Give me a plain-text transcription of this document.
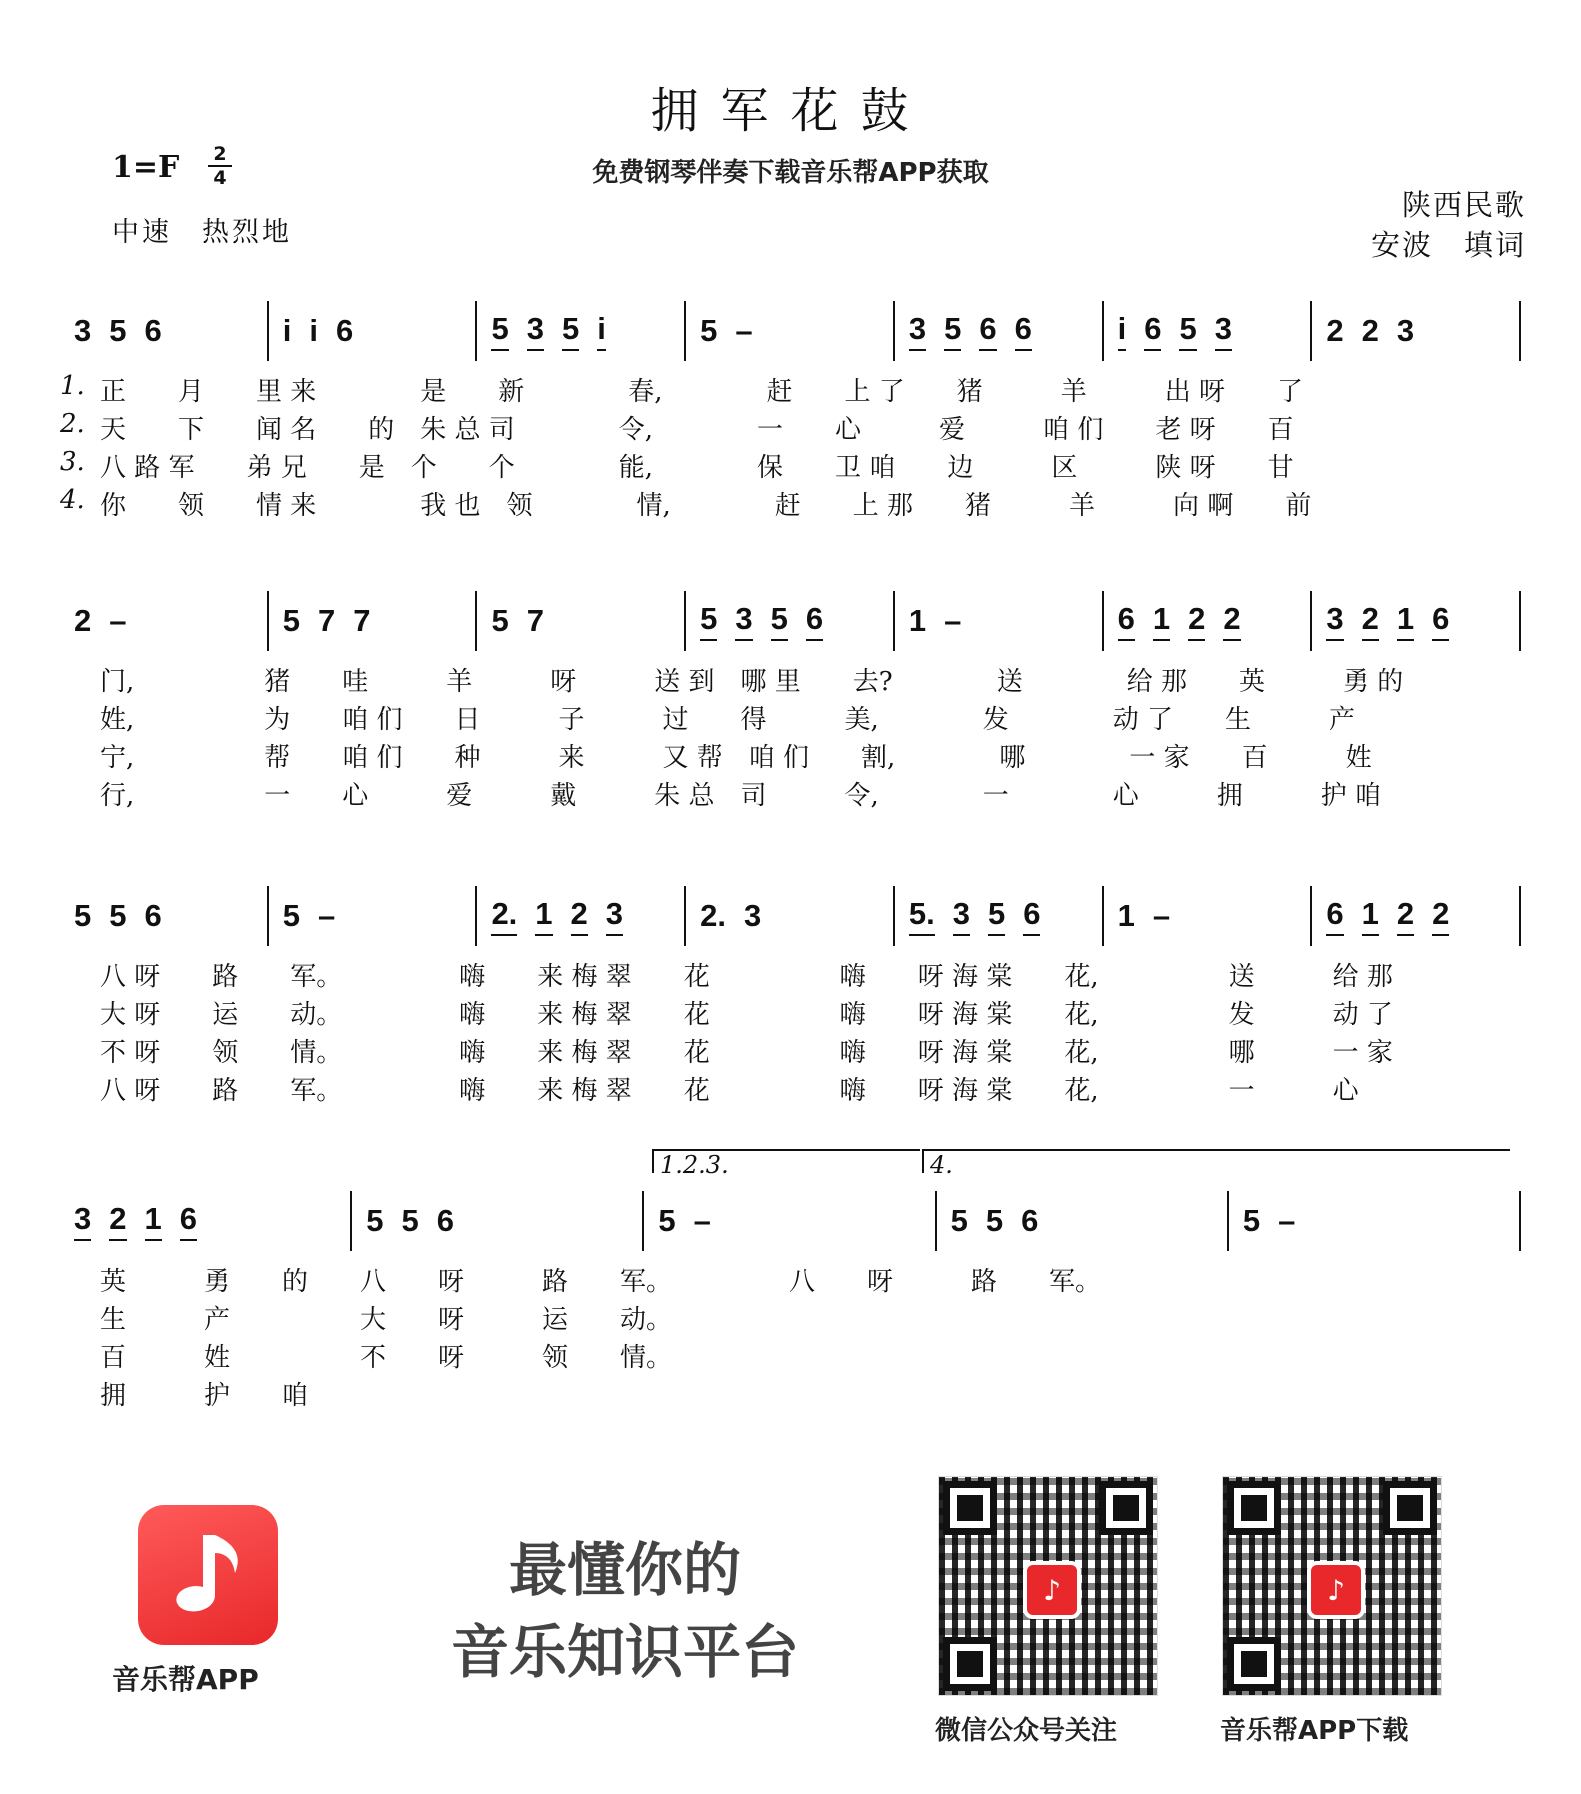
拥军花鼓
1=F 2
4
中速　热烈地
免费钢琴伴奏下载音乐帮APP获取
陕西民歌
安波　填词
3 5 6	i i 6	5 3 5 i	5 –	3 5 6 6	i 6 5 3	2 2 3
1. 正　　月　　里 来　　　　是　　新　　　　春,　　　　赶　　上 了　　猪　　　羊　　　出 呀　　了
2. 天　　下　　闻 名　　的　朱 总 司　　　　令,　　　　一　　心　　　爱　　　咱 们　　老 呀　　百
3. 八 路 军　　弟 兄　　是　个　　个　　　　能,　　　　保　　卫 咱　　边　　　区　　　陕 呀　　甘
4. 你　　领　　情 来　　　　我 也　领　　　　情,　　　　赶　　上 那　　猪　　　羊　　　向 啊　　前
2 –	5 7 7	5 7	5 3 5 6	1 –	6 1 2 2	3 2 1 6
门,　　　　　猪　　哇　　　羊　　　呀　　　送 到　哪 里　　去?　　　　送　　　　给 那　　英　　　勇 的
姓,　　　　　为　　咱 们　　日　　　子　　　过　　得　　　美,　　　　发　　　　动 了　　生　　　产
宁,　　　　　帮　　咱 们　　种　　　来　　　又 帮　咱 们　　割,　　　　哪　　　　一 家　　百　　　姓
行,　　　　　一　　心　　　爱　　　戴　　　朱 总　司　　　令,　　　　一　　　　心　　　拥　　　护 咱
5 5 6	5 –	2. 1 2 3 2. 3	5. 3 5 6 1 –	6 1 2 2
八 呀　　路　　军。　　　　　嗨　　来 梅 翠　　花　　　　　嗨　　呀 海 棠　　花,　　　　　送　　　给 那
大 呀　　运　　动。　　　　　嗨　　来 梅 翠　　花　　　　　嗨　　呀 海 棠　　花,　　　　　发　　　动 了
不 呀　　领　　情。　　　　　嗨　　来 梅 翠　　花　　　　　嗨　　呀 海 棠　　花,　　　　　哪　　　一 家
八 呀　　路　　军。　　　　　嗨　　来 梅 翠　　花　　　　　嗨　　呀 海 棠　　花,　　　　　一　　　心
3 2 1 6	5 5 6	5 –	5 5 6	5 –
英　　　勇　　的　　八　　呀　　　路　　军。　　　　　八　　呀　　　路　　军。
生　　　产　　　　　大　　呀　　　运　　动。
百　　　姓　　　　　不　　呀　　　领　　情。
拥　　　护　　咱
1.2.3.	4.
音乐帮APP
最懂你的
音乐知识平台
♪
微信公众号关注
♪
音乐帮APP下载
